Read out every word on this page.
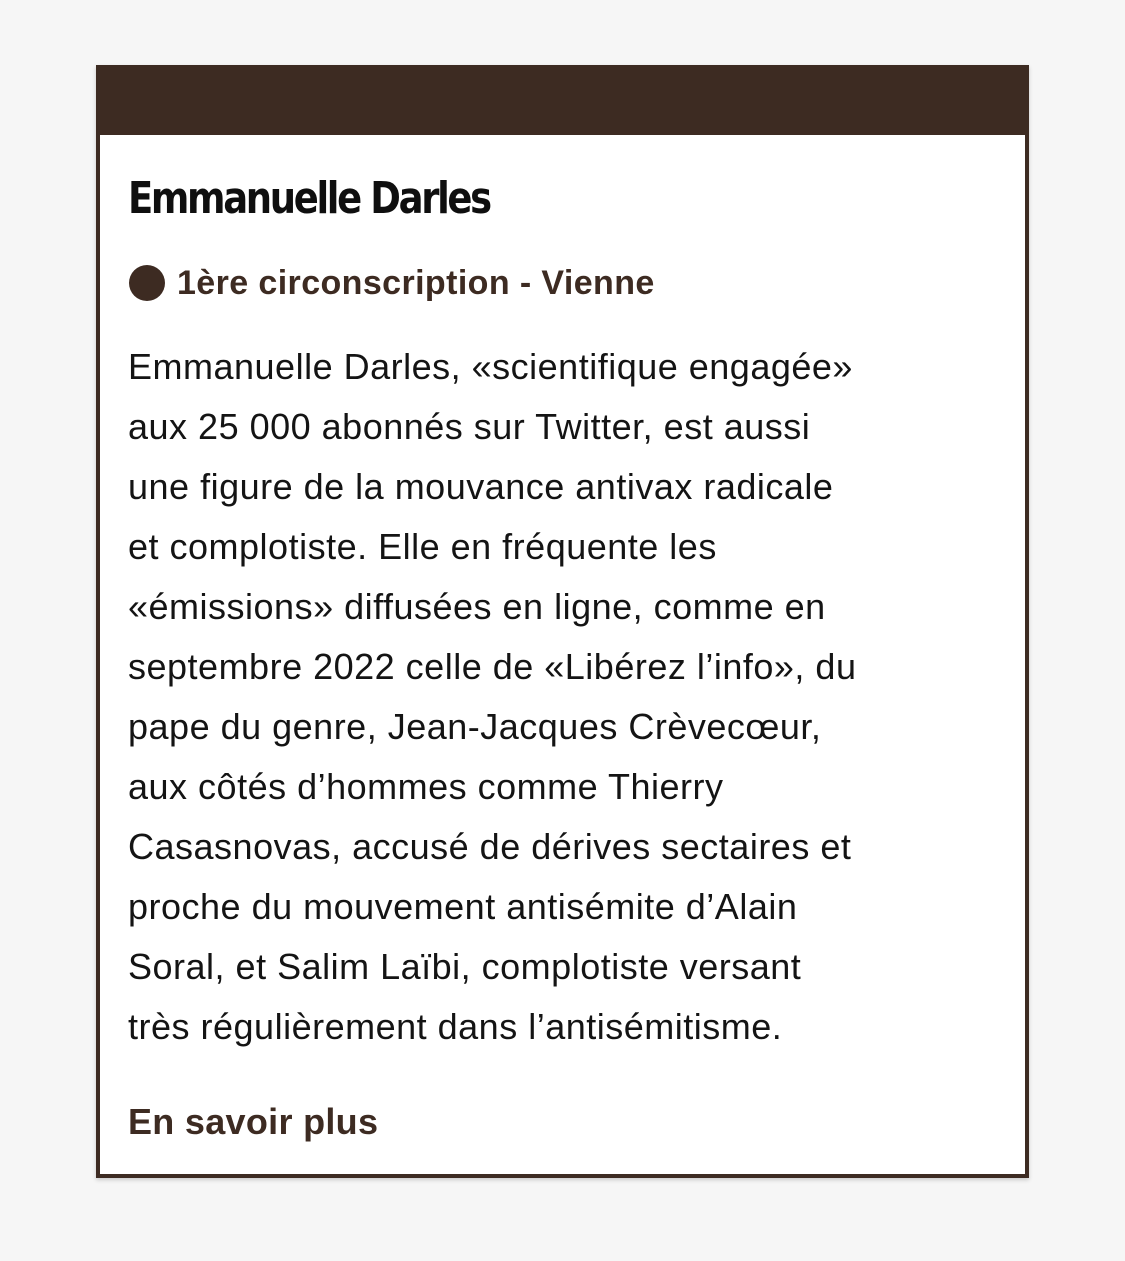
Emmanuelle Darles
1ère circonscription - Vienne
Emmanuelle Darles, «scientifique engagée»
aux 25 000 abonnés sur Twitter, est aussi
une figure de la mouvance antivax radicale
et complotiste. Elle en fréquente les
«émissions» diffusées en ligne, comme en
septembre 2022 celle de «Libérez l’info», du
pape du genre, Jean-Jacques Crèvecœur,
aux côtés d’hommes comme Thierry
Casasnovas, accusé de dérives sectaires et
proche du mouvement antisémite d’Alain
Soral, et Salim Laïbi, complotiste versant
très régulièrement dans l’antisémitisme.
En savoir plus
